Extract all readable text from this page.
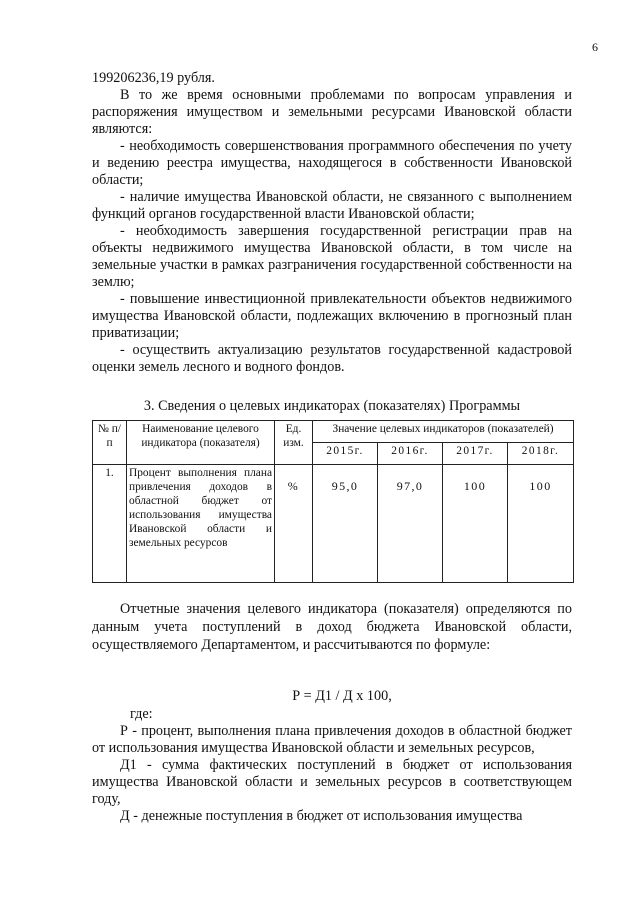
6

199206236,19 рубля.

В то же время основными проблемами по вопросам управления и распоряжения имуществом и земельными ресурсами Ивановской области являются:

- необходимость совершенствования программного обеспечения по учету и ведению реестра имущества, находящегося в собственности Ивановской области;

- наличие имущества Ивановской области, не связанного с выполнением функций органов государственной власти Ивановской области;

- необходимость завершения государственной регистрации прав на объекты недвижимого имущества Ивановской области, в том числе на земельные участки в рамках разграничения государственной собственности на землю;

- повышение инвестиционной привлекательности объектов недвижимого имущества Ивановской области, подлежащих включению в прогнозный план приватизации;

- осуществить актуализацию результатов государственной кадастровой оценки земель лесного и водного фондов.

3. Сведения о целевых индикаторах (показателях) Программы
№ п/п	Наименование целевого индикатора (показателя)	Ед. изм.	Значение целевых индикаторов (показателей)			
			2015г.	2016г.	2017г.	2018г.
1.	Процент выполнения плана привлечения доходов в областной бюджет от использования имущества Ивановской области и земельных ресурсов	%	95,0	97,0	100	100

Отчетные значения целевого индикатора (показателя) определяются по данным учета поступлений в доход бюджета Ивановской области, осуществляемого Департаментом, и рассчитываются по формуле:

Р = Д1 / Д х 100,

где:

Р - процент, выполнения плана привлечения доходов в областной бюджет от использования имущества Ивановской области и земельных ресурсов,

Д1 - сумма фактических поступлений в бюджет от использования имущества Ивановской области и земельных ресурсов в соответствующем году,

Д - денежные поступления в бюджет от использования имущества
